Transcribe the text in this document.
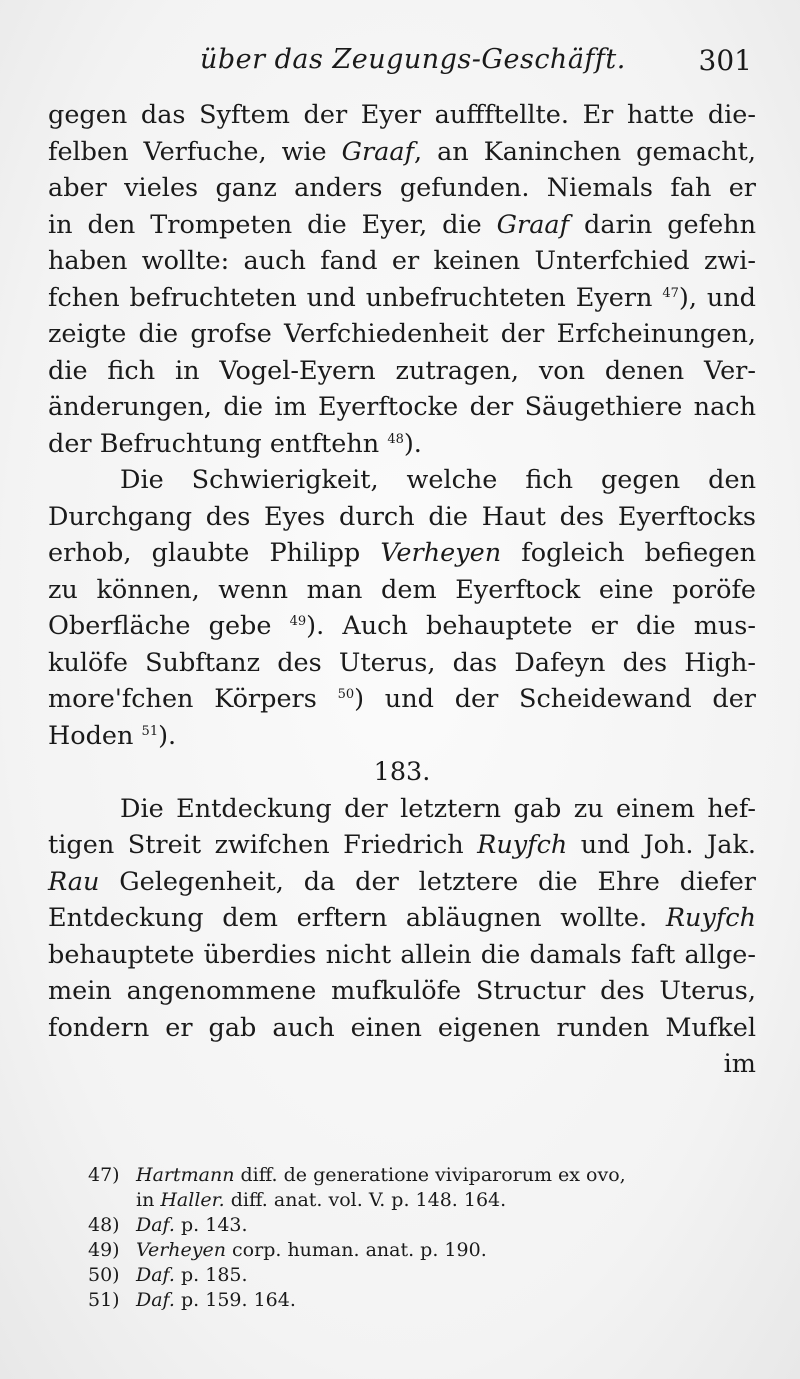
über das Zeugungs-Geschäfft.	301
gegen das Syftem der Eyer auffftellte. Er hatte die-
felben Verfuche, wie Graaf, an Kaninchen gemacht,
aber vieles ganz anders gefunden. Niemals fah er
in den Trompeten die Eyer, die Graaf darin gefehn
haben wollte: auch fand er keinen Unterfchied zwi-
fchen befruchteten und unbefruchteten Eyern $^{47}$), und
zeigte die grofse Verfchiedenheit der Erfcheinungen,
die fich in Vogel-Eyern zutragen, von denen Ver-
änderungen, die im Eyerftocke der Säugethiere nach
der Befruchtung entftehn $^{48}$).
Die Schwierigkeit, welche fich gegen den
Durchgang des Eyes durch die Haut des Eyerftocks
erhob, glaubte Philipp Verheyen fogleich befiegen
zu können, wenn man dem Eyerftock eine poröfe
Oberfläche gebe $^{49}$). Auch behauptete er die mus-
kulöfe Subftanz des Uterus, das Dafeyn des High-
more'fchen Körpers $^{50}$) und der Scheidewand der
Hoden $^{51}$).
183.
Die Entdeckung der letztern gab zu einem hef-
tigen Streit zwifchen Friedrich Ruyfch und Joh. Jak.
Rau Gelegenheit, da der letztere die Ehre diefer
Entdeckung dem erftern abläugnen wollte. Ruyfch
behauptete überdies nicht allein die damals faft allge-
mein angenommene mufkulöfe Structur des Uterus,
fondern er gab auch einen eigenen runden Mufkel
im
47) Hartmann diff. de generatione viviparorum ex ovo,
in Haller. diff. anat. vol. V. p. 148. 164.
48) Daf. p. 143.
49) Verheyen corp. human. anat. p. 190.
50) Daf. p. 185.
51) Daf. p. 159. 164.
